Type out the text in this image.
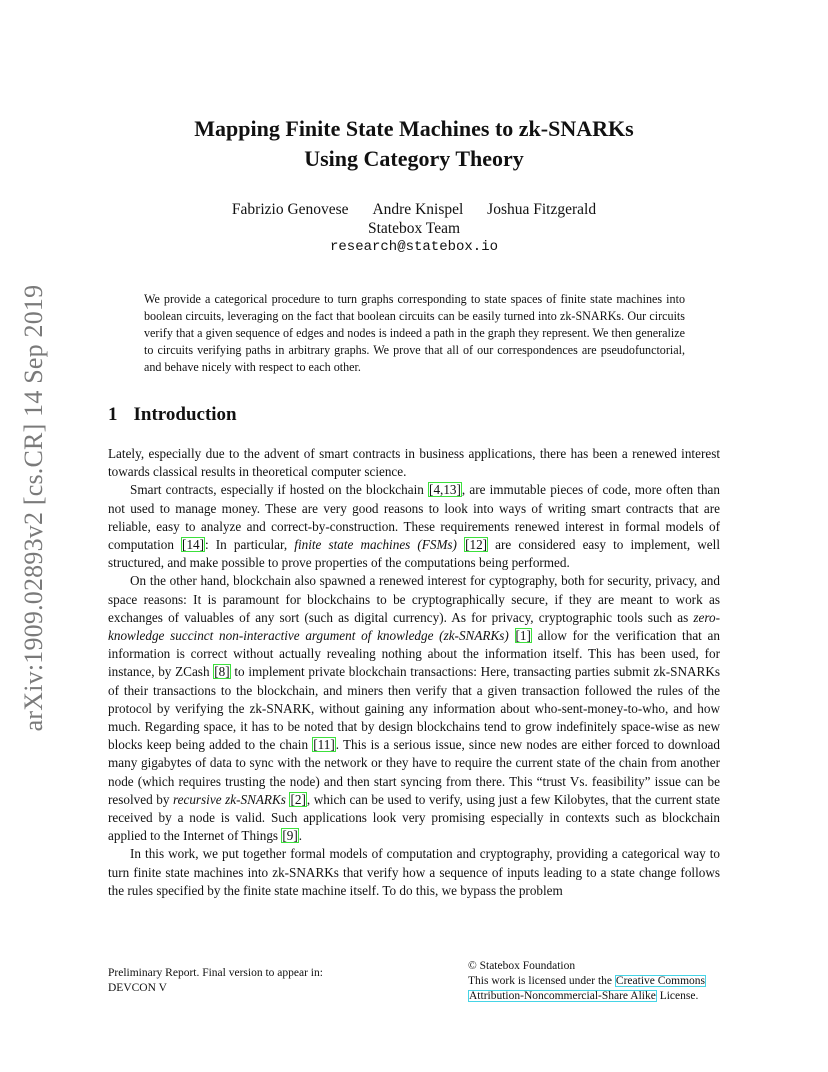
arXiv:1909.02893v2 [cs.CR] 14 Sep 2019
Mapping Finite State Machines to zk-SNARKs
Using Category Theory
Fabrizio Genovese Andre Knispel Joshua Fitzgerald
Statebox Team
research@statebox.io
We provide a categorical procedure to turn graphs corresponding to state spaces of finite state machines into boolean circuits, leveraging on the fact that boolean circuits can be easily turned into zk-SNARKs. Our circuits verify that a given sequence of edges and nodes is indeed a path in the graph they represent. We then generalize to circuits verifying paths in arbitrary graphs. We prove that all of our correspondences are pseudofunctorial, and behave nicely with respect to each other.
1 Introduction

Lately, especially due to the advent of smart contracts in business applications, there has been a renewed interest towards classical results in theoretical computer science.

Smart contracts, especially if hosted on the blockchain [4,13], are immutable pieces of code, more often than not used to manage money. These are very good reasons to look into ways of writing smart contracts that are reliable, easy to analyze and correct-by-construction. These requirements renewed interest in formal models of computation [14]: In particular, finite state machines (FSMs) [12] are considered easy to implement, well structured, and make possible to prove properties of the computations being performed.

On the other hand, blockchain also spawned a renewed interest for cyptography, both for security, privacy, and space reasons: It is paramount for blockchains to be cryptographically secure, if they are meant to work as exchanges of valuables of any sort (such as digital currency). As for privacy, cryptographic tools such as zero-knowledge succinct non-interactive argument of knowledge (zk-SNARKs) [1] allow for the verification that an information is correct without actually revealing nothing about the information itself. This has been used, for instance, by ZCash [8] to implement private blockchain transactions: Here, transacting parties submit zk-SNARKs of their transactions to the blockchain, and miners then verify that a given transaction followed the rules of the protocol by verifying the zk-SNARK, without gaining any information about who-sent-money-to-who, and how much. Regarding space, it has to be noted that by design blockchains tend to grow indefinitely space-wise as new blocks keep being added to the chain [11]. This is a serious issue, since new nodes are either forced to download many gigabytes of data to sync with the network or they have to require the current state of the chain from another node (which requires trusting the node) and then start syncing from there. This “trust Vs. feasibility” issue can be resolved by recursive zk-SNARKs [2], which can be used to verify, using just a few Kilobytes, that the current state received by a node is valid. Such applications look very promising especially in contexts such as blockchain applied to the Internet of Things [9].

In this work, we put together formal models of computation and cryptography, providing a categorical way to turn finite state machines into zk-SNARKs that verify how a sequence of inputs leading to a state change follows the rules specified by the finite state machine itself. To do this, we bypass the problem

Preliminary Report. Final version to appear in:
DEVCON V
© Statebox Foundation
This work is licensed under the Creative Commons
Attribution-Noncommercial-Share Alike License.
